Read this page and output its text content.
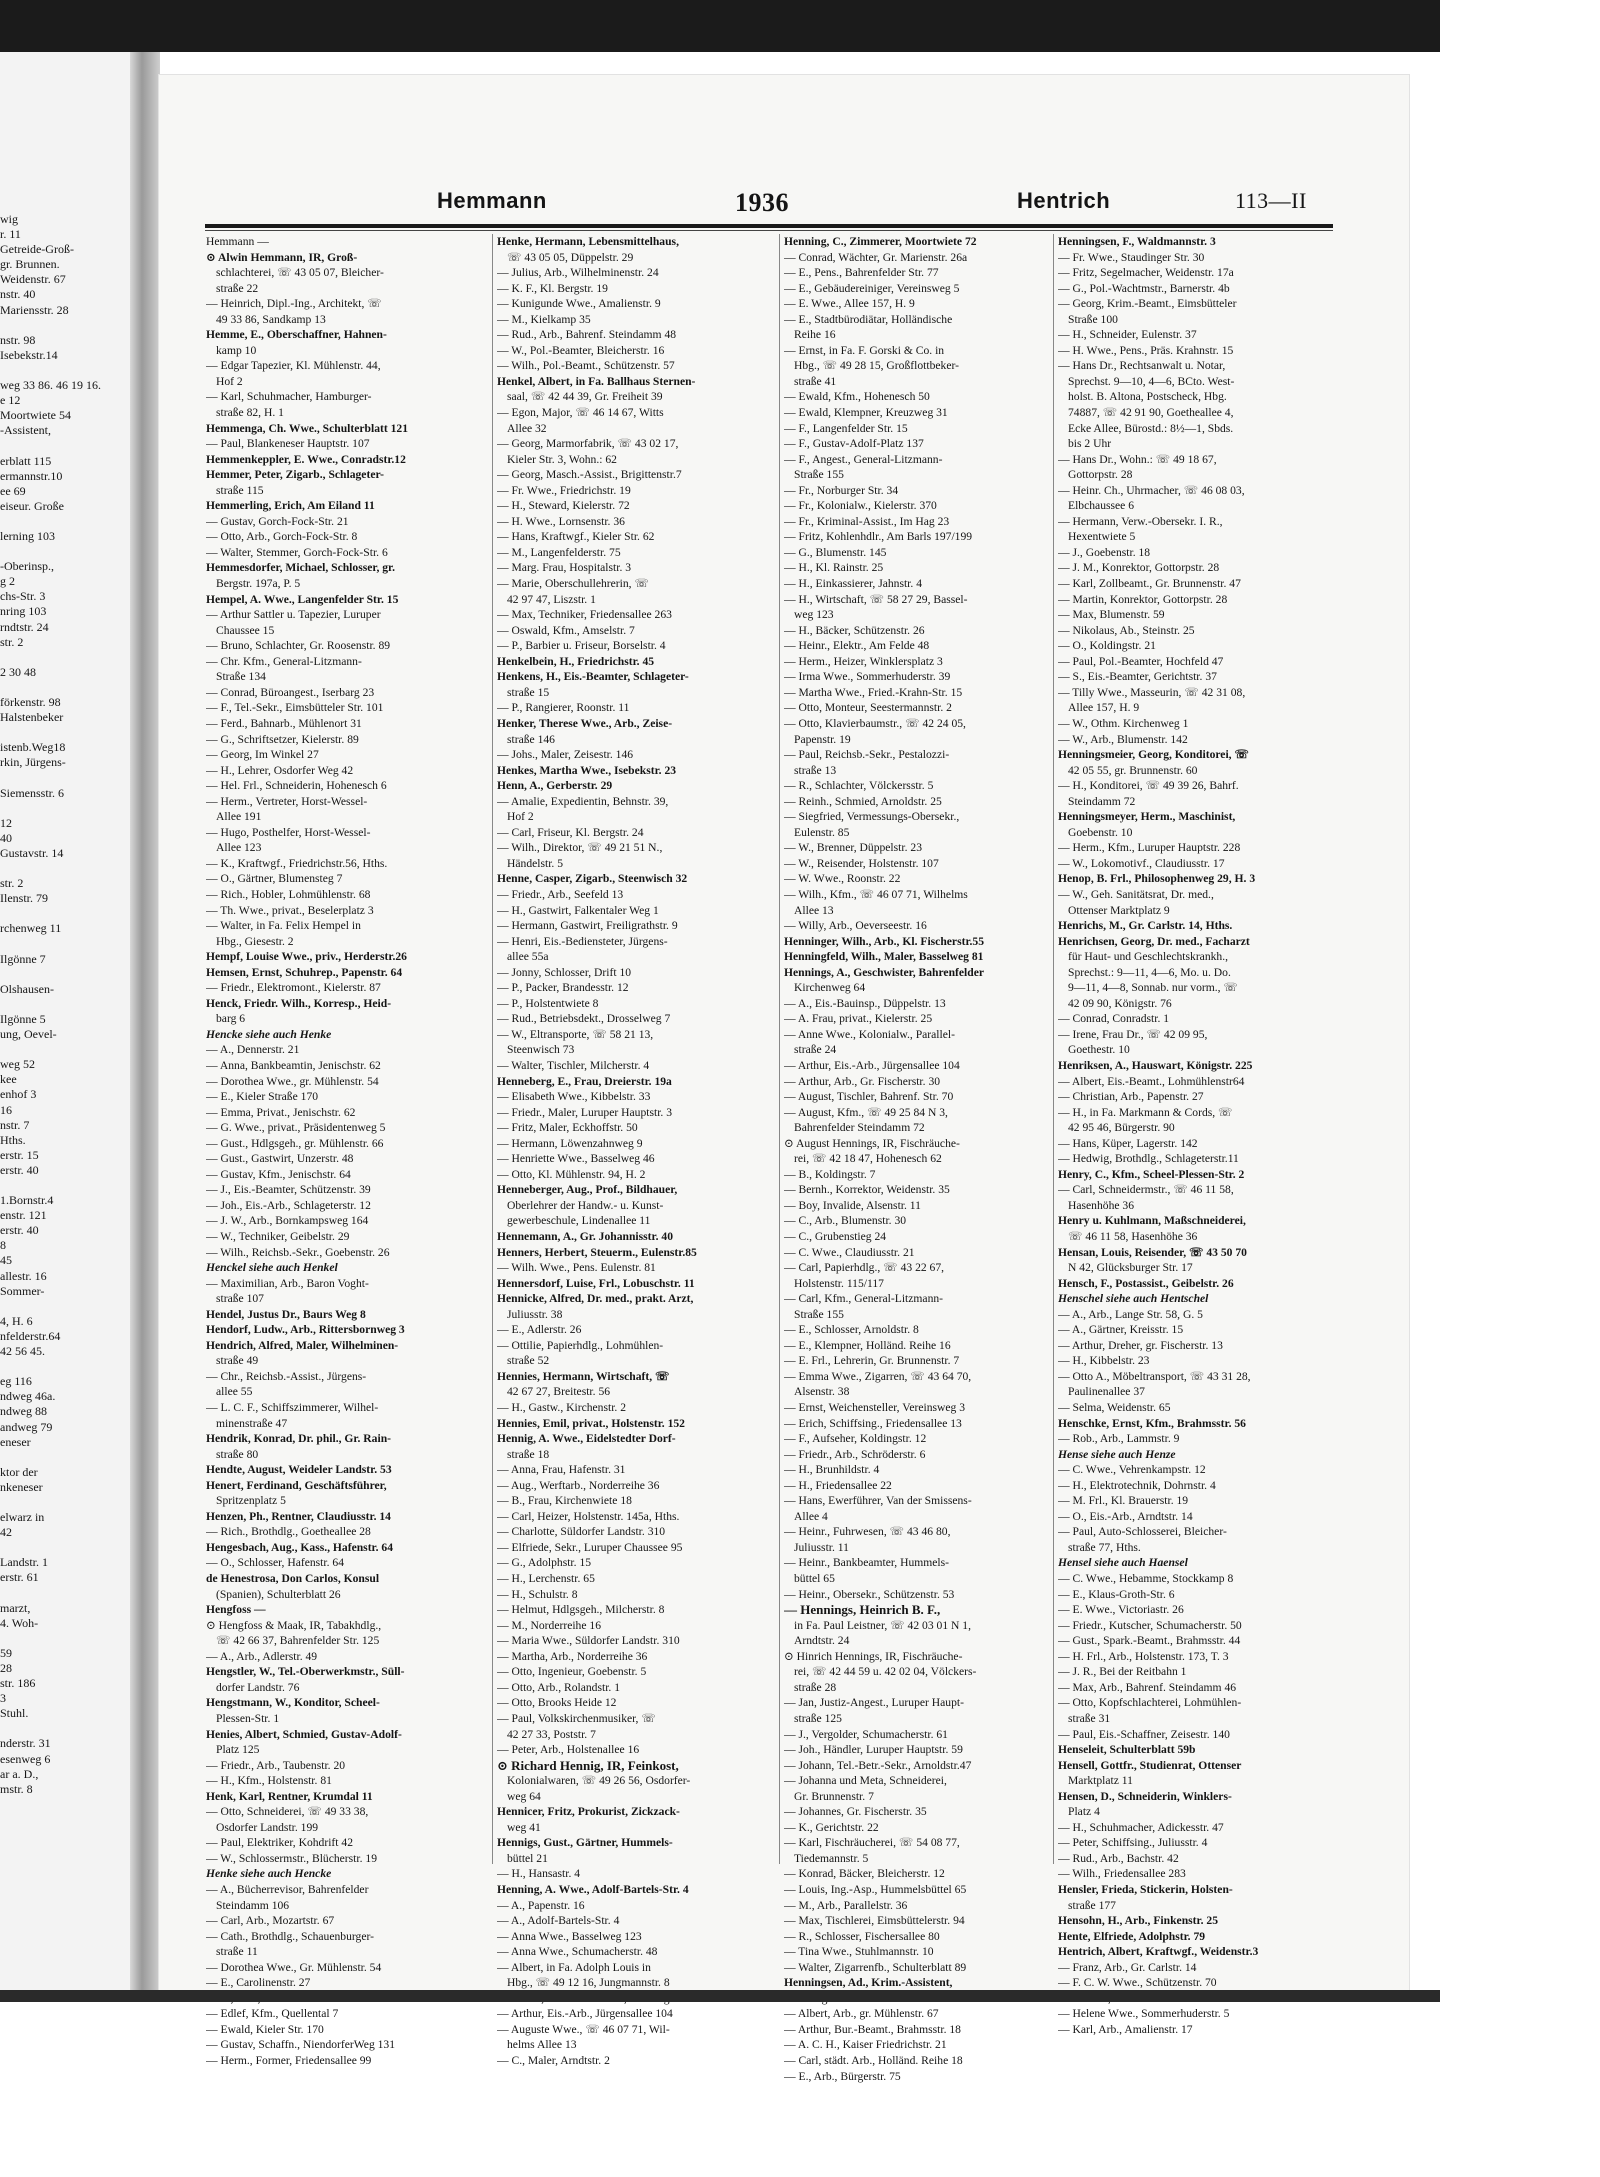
wig
r. 11
Getreide-Groß-
gr. Brunnen.
Weidenstr. 67
nstr. 40
Mariensstr. 28
nstr. 98
Isebekstr.14
weg 33 86. 46 19 16.
e 12
Moortwiete 54
-Assistent,
erblatt 115
ermannstr.10
ee 69
eiseur. Große
lerning 103
-Oberinsp.,
g 2
chs-Str. 3
nring 103
rndtstr. 24
str. 2
2 30 48
förkenstr. 98
Halstenbeker
istenb.Weg18
rkin, Jürgens-
Siemensstr. 6
12
40
Gustavstr. 14
str. 2
Ilenstr. 79
rchenweg 11
Ilgönne 7
Olshausen-
Ilgönne 5
ung, Oevel-
weg 52
kee
enhof 3
16
nstr. 7
Hths.
erstr. 15
erstr. 40
1.Bornstr.4
enstr. 121
erstr. 40
8
45
allestr. 16
Sommer-
4, H. 6
nfelderstr.64
42 56 45.
eg 116
ndweg 46a.
ndweg 88
andweg 79
eneser
ktor der
nkeneser
elwarz in
42
Landstr. 1
erstr. 61
marzt,
4. Woh-
59
28
str. 186
3
Stuhl.
nderstr. 31
esenweg 6
ar a. D.,
mstr. 8
Hemmann	1936	Hentrich	113—II
Hemmann —
⊙ Alwin Hemmann, IR, Groß-
schlachterei, ☏ 43 05 07, Bleicher-
straße 22
— Heinrich, Dipl.-Ing., Architekt, ☏
49 33 86, Sandkamp 13
Hemme, E., Oberschaffner, Hahnen-
kamp 10
— Edgar Tapezier, Kl. Mühlenstr. 44,
Hof 2
— Karl, Schuhmacher, Hamburger-
straße 82, H. 1
Hemmenga, Ch. Wwe., Schulterblatt 121
— Paul, Blankeneser Hauptstr. 107
Hemmenkeppler, E. Wwe., Conradstr.12
Hemmer, Peter, Zigarb., Schlageter-
straße 115
Hemmerling, Erich, Am Eiland 11
— Gustav, Gorch-Fock-Str. 21
— Otto, Arb., Gorch-Fock-Str. 8
— Walter, Stemmer, Gorch-Fock-Str. 6
Hemmesdorfer, Michael, Schlosser, gr.
Bergstr. 197a, P. 5
Hempel, A. Wwe., Langenfelder Str. 15
— Arthur Sattler u. Tapezier, Luruper
Chaussee 15
— Bruno, Schlachter, Gr. Roosenstr. 89
— Chr. Kfm., General-Litzmann-
Straße 134
— Conrad, Büroangest., Iserbarg 23
— F., Tel.-Sekr., Eimsbütteler Str. 101
— Ferd., Bahnarb., Mühlenort 31
— G., Schriftsetzer, Kielerstr. 89
— Georg, Im Winkel 27
— H., Lehrer, Osdorfer Weg 42
— Hel. Frl., Schneiderin, Hohenesch 6
— Herm., Vertreter, Horst-Wessel-
Allee 191
— Hugo, Posthelfer, Horst-Wessel-
Allee 123
— K., Kraftwgf., Friedrichstr.56, Hths.
— O., Gärtner, Blumensteg 7
— Rich., Hobler, Lohmühlenstr. 68
— Th. Wwe., privat., Beselerplatz 3
— Walter, in Fa. Felix Hempel in
Hbg., Giesestr. 2
Hempf, Louise Wwe., priv., Herderstr.26
Hemsen, Ernst, Schuhrep., Papenstr. 64
— Friedr., Elektromont., Kielerstr. 87
Henck, Friedr. Wilh., Korresp., Heid-
barg 6
Hencke siehe auch Henke
— A., Dennerstr. 21
— Anna, Bankbeamtin, Jenischstr. 62
— Dorothea Wwe., gr. Mühlenstr. 54
— E., Kieler Straße 170
— Emma, Privat., Jenischstr. 62
— G. Wwe., privat., Präsidentenweg 5
— Gust., Hdlgsgeh., gr. Mühlenstr. 66
— Gust., Gastwirt, Unzerstr. 48
— Gustav, Kfm., Jenischstr. 64
— J., Eis.-Beamter, Schützenstr. 39
— Joh., Eis.-Arb., Schlageterstr. 12
— J. W., Arb., Bornkampsweg 164
— W., Techniker, Geibelstr. 29
— Wilh., Reichsb.-Sekr., Goebenstr. 26
Henckel siehe auch Henkel
— Maximilian, Arb., Baron Voght-
straße 107
Hendel, Justus Dr., Baurs Weg 8
Hendorf, Ludw., Arb., Rittersbornweg 3
Hendrich, Alfred, Maler, Wilhelminen-
straße 49
— Chr., Reichsb.-Assist., Jürgens-
allee 55
— L. C. F., Schiffszimmerer, Wilhel-
minenstraße 47
Hendrik, Konrad, Dr. phil., Gr. Rain-
straße 80
Hendte, August, Weideler Landstr. 53
Henert, Ferdinand, Geschäftsführer,
Spritzenplatz 5
Henzen, Ph., Rentner, Claudiusstr. 14
— Rich., Brothdlg., Goetheallee 28
Hengesbach, Aug., Kass., Hafenstr. 64
— O., Schlosser, Hafenstr. 64
de Henestrosa, Don Carlos, Konsul
(Spanien), Schulterblatt 26
Hengfoss —
⊙ Hengfoss & Maak, IR, Tabakhdlg.,
☏ 42 66 37, Bahrenfelder Str. 125
— A., Arb., Adlerstr. 49
Hengstler, W., Tel.-Oberwerkmstr., Süll-
dorfer Landstr. 76
Hengstmann, W., Konditor, Scheel-
Plessen-Str. 1
Henies, Albert, Schmied, Gustav-Adolf-
Platz 125
— Friedr., Arb., Taubenstr. 20
— H., Kfm., Holstenstr. 81
Henk, Karl, Rentner, Krumdal 11
— Otto, Schneiderei, ☏ 49 33 38,
Osdorfer Landstr. 199
— Paul, Elektriker, Kohdrift 42
— W., Schlossermstr., Blücherstr. 19
Henke siehe auch Hencke
— A., Bücherrevisor, Bahrenfelder
Steindamm 106
— Carl, Arb., Mozartstr. 67
— Cath., Brothdlg., Schauenburger-
straße 11
— Dorothea Wwe., Gr. Mühlenstr. 54
— E., Carolinenstr. 27
— Edlef, Kfm., Quellental 7
— Ewald, Kieler Str. 170
— Gustav, Schaffn., NiendorferWeg 131
— Herm., Former, Friedensallee 99
Henke, Hermann, Lebensmittelhaus,
☏ 43 05 05, Düppelstr. 29
— Julius, Arb., Wilhelminenstr. 24
— K. F., Kl. Bergstr. 19
— Kunigunde Wwe., Amalienstr. 9
— M., Kielkamp 35
— Rud., Arb., Bahrenf. Steindamm 48
— W., Pol.-Beamter, Bleicherstr. 16
— Wilh., Pol.-Beamt., Schützenstr. 57
Henkel, Albert, in Fa. Ballhaus Sternen-
saal, ☏ 42 44 39, Gr. Freiheit 39
— Egon, Major, ☏ 46 14 67, Witts
Allee 32
— Georg, Marmorfabrik, ☏ 43 02 17,
Kieler Str. 3, Wohn.: 62
— Georg, Masch.-Assist., Brigittenstr.7
— Fr. Wwe., Friedrichstr. 19
— H., Steward, Kielerstr. 72
— H. Wwe., Lornsenstr. 36
— Hans, Kraftwgf., Kieler Str. 62
— M., Langenfelderstr. 75
— Marg. Frau, Hospitalstr. 3
— Marie, Oberschullehrerin, ☏
42 97 47, Liszstr. 1
— Max, Techniker, Friedensallee 263
— Oswald, Kfm., Amselstr. 7
— P., Barbier u. Friseur, Borselstr. 4
Henkelbein, H., Friedrichstr. 45
Henkens, H., Eis.-Beamter, Schlageter-
straße 15
— P., Rangierer, Roonstr. 11
Henker, Therese Wwe., Arb., Zeise-
straße 146
— Johs., Maler, Zeisestr. 146
Henkes, Martha Wwe., Isebekstr. 23
Henn, A., Gerberstr. 29
— Amalie, Expedientin, Behnstr. 39,
Hof 2
— Carl, Friseur, Kl. Bergstr. 24
— Wilh., Direktor, ☏ 49 21 51 N.,
Händelstr. 5
Henne, Casper, Zigarb., Steenwisch 32
— Friedr., Arb., Seefeld 13
— H., Gastwirt, Falkentaler Weg 1
— Hermann, Gastwirt, Freiligrathstr. 9
— Henri, Eis.-Bediensteter, Jürgens-
allee 55a
— Jonny, Schlosser, Drift 10
— P., Packer, Brandesstr. 12
— P., Holstentwiete 8
— Rud., Betriebsdekt., Drosselweg 7
— W., Eltransporte, ☏ 58 21 13,
Steenwisch 73
— Walter, Tischler, Milcherstr. 4
Henneberg, E., Frau, Dreierstr. 19a
— Elisabeth Wwe., Kibbelstr. 33
— Friedr., Maler, Luruper Hauptstr. 3
— Fritz, Maler, Eckhoffstr. 50
— Hermann, Löwenzahnweg 9
— Henriette Wwe., Basselweg 46
— Otto, Kl. Mühlenstr. 94, H. 2
Henneberger, Aug., Prof., Bildhauer,
Oberlehrer der Handw.- u. Kunst-
gewerbeschule, Lindenallee 11
Hennemann, A., Gr. Johannisstr. 40
Henners, Herbert, Steuerm., Eulenstr.85
— Wilh. Wwe., Pens. Eulenstr. 81
Hennersdorf, Luise, Frl., Lobuschstr. 11
Hennicke, Alfred, Dr. med., prakt. Arzt,
Juliusstr. 38
— E., Adlerstr. 26
— Ottilie, Papierhdlg., Lohmühlen-
straße 52
Hennies, Hermann, Wirtschaft, ☏
42 67 27, Breitestr. 56
— H., Gastw., Kirchenstr. 2
Hennies, Emil, privat., Holstenstr. 152
Hennig, A. Wwe., Eidelstedter Dorf-
straße 18
— Anna, Frau, Hafenstr. 31
— Aug., Werftarb., Norderreihe 36
— B., Frau, Kirchenwiete 18
— Carl, Heizer, Holstenstr. 145a, Hths.
— Charlotte, Süldorfer Landstr. 310
— Elfriede, Sekr., Luruper Chaussee 95
— G., Adolphstr. 15
— H., Lerchenstr. 65
— H., Schulstr. 8
— Helmut, Hdlgsgeh., Milcherstr. 8
— M., Norderreihe 16
— Maria Wwe., Süldorfer Landstr. 310
— Martha, Arb., Norderreihe 36
— Otto, Ingenieur, Goebenstr. 5
— Otto, Arb., Rolandstr. 1
— Otto, Brooks Heide 12
— Paul, Volkskirchenmusiker, ☏
42 27 33, Poststr. 7
— Peter, Arb., Holstenallee 16
⊙ Richard Hennig, IR, Feinkost,
Kolonialwaren, ☏ 49 26 56, Osdorfer-
weg 64
Hennicer, Fritz, Prokurist, Zickzack-
weg 41
Hennigs, Gust., Gärtner, Hummels-
büttel 21
— H., Hansastr. 4
Henning, A. Wwe., Adolf-Bartels-Str. 4
— A., Papenstr. 16
— A., Adolf-Bartels-Str. 4
— Anna Wwe., Basselweg 123
— Anna Wwe., Schumacherstr. 48
— Albert, in Fa. Adolph Louis in
Hbg., ☏ 49 12 16, Jungmannstr. 8
— Arthur, Eis.-Arb., Jürgensallee 104
— Auguste Wwe., ☏ 46 07 71, Wil-
helms Allee 13
— C., Maler, Arndtstr. 2
Henning, C., Zimmerer, Moortwiete 72
— Conrad, Wächter, Gr. Marienstr. 26a
— E., Pens., Bahrenfelder Str. 77
— E., Gebäudereiniger, Vereinsweg 5
— E. Wwe., Allee 157, H. 9
— E., Stadtbürodiätar, Holländische
Reihe 16
— Ernst, in Fa. F. Gorski & Co. in
Hbg., ☏ 49 28 15, Großflottbeker-
straße 41
— Ewald, Kfm., Hohenesch 50
— Ewald, Klempner, Kreuzweg 31
— F., Langenfelder Str. 15
— F., Gustav-Adolf-Platz 137
— F., Angest., General-Litzmann-
Straße 155
— Fr., Norburger Str. 34
— Fr., Kolonialw., Kielerstr. 370
— Fr., Kriminal-Assist., Im Hag 23
— Fritz, Kohlenhdlr., Am Barls 197/199
— G., Blumenstr. 145
— H., Kl. Rainstr. 25
— H., Einkassierer, Jahnstr. 4
— H., Wirtschaft, ☏ 58 27 29, Bassel-
weg 123
— H., Bäcker, Schützenstr. 26
— Heinr., Elektr., Am Felde 48
— Herm., Heizer, Winklersplatz 3
— Irma Wwe., Sommerhuderstr. 39
— Martha Wwe., Fried.-Krahn-Str. 15
— Otto, Monteur, Seestermannstr. 2
— Otto, Klavierbaumstr., ☏ 42 24 05,
Papenstr. 19
— Paul, Reichsb.-Sekr., Pestalozzi-
straße 13
— R., Schlachter, Völckersstr. 5
— Reinh., Schmied, Arnoldstr. 25
— Siegfried, Vermessungs-Obersekr.,
Eulenstr. 85
— W., Brenner, Düppelstr. 23
— W., Reisender, Holstenstr. 107
— W. Wwe., Roonstr. 22
— Wilh., Kfm., ☏ 46 07 71, Wilhelms
Allee 13
— Willy, Arb., Oeverseestr. 16
Henninger, Wilh., Arb., Kl. Fischerstr.55
Henningfeld, Wilh., Maler, Basselweg 81
Hennings, A., Geschwister, Bahrenfelder
Kirchenweg 64
— A., Eis.-Bauinsp., Düppelstr. 13
— A. Frau, privat., Kielerstr. 25
— Anne Wwe., Kolonialw., Parallel-
straße 24
— Arthur, Eis.-Arb., Jürgensallee 104
— Arthur, Arb., Gr. Fischerstr. 30
— August, Tischler, Bahrenf. Str. 70
— August, Kfm., ☏ 49 25 84 N 3,
Bahrenfelder Steindamm 72
⊙ August Hennings, IR, Fischräuche-
rei, ☏ 42 18 47, Hohenesch 62
— B., Koldingstr. 7
— Bernh., Korrektor, Weidenstr. 35
— Boy, Invalide, Alsenstr. 11
— C., Arb., Blumenstr. 30
— C., Grubenstieg 24
— C. Wwe., Claudiusstr. 21
— Carl, Papierhdlg., ☏ 43 22 67,
Holstenstr. 115/117
— Carl, Kfm., General-Litzmann-
Straße 155
— E., Schlosser, Arnoldstr. 8
— E., Klempner, Holländ. Reihe 16
— E. Frl., Lehrerin, Gr. Brunnenstr. 7
— Emma Wwe., Zigarren, ☏ 43 64 70,
Alsenstr. 38
— Ernst, Weichensteller, Vereinsweg 3
— Erich, Schiffsing., Friedensallee 13
— F., Aufseher, Koldingstr. 12
— Friedr., Arb., Schröderstr. 6
— H., Brunhildstr. 4
— H., Friedensallee 22
— Hans, Ewerführer, Van der Smissens-
Allee 4
— Heinr., Fuhrwesen, ☏ 43 46 80,
Juliusstr. 11
— Heinr., Bankbeamter, Hummels-
büttel 65
— Heinr., Obersekr., Schützenstr. 53
— Hennings, Heinrich B. F.,
in Fa. Paul Leistner, ☏ 42 03 01 N 1,
Arndtstr. 24
⊙ Hinrich Hennings, IR, Fischräuche-
rei, ☏ 42 44 59 u. 42 02 04, Völckers-
straße 28
— Jan, Justiz-Angest., Luruper Haupt-
straße 125
— J., Vergolder, Schumacherstr. 61
— Joh., Händler, Luruper Hauptstr. 59
— Johann, Tel.-Betr.-Sekr., Arnoldstr.47
— Johanna und Meta, Schneiderei,
Gr. Brunnenstr. 7
— Johannes, Gr. Fischerstr. 35
— K., Gerichtstr. 22
— Karl, Fischräucherei, ☏ 54 08 77,
Tiedemannstr. 5
— Konrad, Bäcker, Bleicherstr. 12
— Louis, Ing.-Asp., Hummelsbüttel 65
— M., Arb., Parallelstr. 36
— Max, Tischlerei, Eimsbüttelerstr. 94
— R., Schlosser, Fischersallee 80
— Tina Wwe., Stuhlmannstr. 10
— Walter, Zigarrenfb., Schulterblatt 89
Henningsen, Ad., Krim.-Assistent,
— Albert, Arb., gr. Mühlenstr. 67
— Arthur, Bur.-Beamt., Brahmsstr. 18
— A. C. H., Kaiser Friedrichstr. 21
— Carl, städt. Arb., Holländ. Reihe 18
— E., Arb., Bürgerstr. 75
Henningsen, F., Waldmannstr. 3
— Fr. Wwe., Staudinger Str. 30
— Fritz, Segelmacher, Weidenstr. 17a
— G., Pol.-Wachtmstr., Barnerstr. 4b
— Georg, Krim.-Beamt., Eimsbütteler
Straße 100
— H., Schneider, Eulenstr. 37
— H. Wwe., Pens., Präs. Krahnstr. 15
— Hans Dr., Rechtsanwalt u. Notar,
Sprechst. 9—10, 4—6, BCto. West-
holst. B. Altona, Postscheck, Hbg.
74887, ☏ 42 91 90, Goetheallee 4,
Ecke Allee, Bürostd.: 8½—1, Sbds.
bis 2 Uhr
— Hans Dr., Wohn.: ☏ 49 18 67,
Gottorpstr. 28
— Heinr. Ch., Uhrmacher, ☏ 46 08 03,
Elbchaussee 6
— Hermann, Verw.-Obersekr. I. R.,
Hexentwiete 5
— J., Goebenstr. 18
— J. M., Konrektor, Gottorpstr. 28
— Karl, Zollbeamt., Gr. Brunnenstr. 47
— Martin, Konrektor, Gottorpstr. 28
— Max, Blumenstr. 59
— Nikolaus, Ab., Steinstr. 25
— O., Koldingstr. 21
— Paul, Pol.-Beamter, Hochfeld 47
— S., Eis.-Beamter, Gerichtstr. 37
— Tilly Wwe., Masseurin, ☏ 42 31 08,
Allee 157, H. 9
— W., Othm. Kirchenweg 1
— W., Arb., Blumenstr. 142
Henningsmeier, Georg, Konditorei, ☏
42 05 55, gr. Brunnenstr. 60
— H., Konditorei, ☏ 49 39 26, Bahrf.
Steindamm 72
Henningsmeyer, Herm., Maschinist,
Goebenstr. 10
— Herm., Kfm., Luruper Hauptstr. 228
— W., Lokomotivf., Claudiusstr. 17
Henop, B. Frl., Philosophenweg 29, H. 3
— W., Geh. Sanitätsrat, Dr. med.,
Ottenser Marktplatz 9
Henrichs, M., Gr. Carlstr. 14, Hths.
Henrichsen, Georg, Dr. med., Facharzt
für Haut- und Geschlechtskrankh.,
Sprechst.: 9—11, 4—6, Mo. u. Do.
9—11, 4—8, Sonnab. nur vorm., ☏
42 09 90, Königstr. 76
— Conrad, Conradstr. 1
— Irene, Frau Dr., ☏ 42 09 95,
Goethestr. 10
Henriksen, A., Hauswart, Königstr. 225
— Albert, Eis.-Beamt., Lohmühlenstr64
— Christian, Arb., Papenstr. 27
— H., in Fa. Markmann & Cords, ☏
42 95 46, Bürgerstr. 90
— Hans, Küper, Lagerstr. 142
— Hedwig, Brothdlg., Schlageterstr.11
Henry, C., Kfm., Scheel-Plessen-Str. 2
— Carl, Schneidermstr., ☏ 46 11 58,
Hasenhöhe 36
Henry u. Kuhlmann, Maßschneiderei,
☏ 46 11 58, Hasenhöhe 36
Hensan, Louis, Reisender, ☏ 43 50 70
N 42, Glücksburger Str. 17
Hensch, F., Postassist., Geibelstr. 26
Henschel siehe auch Hentschel
— A., Arb., Lange Str. 58, G. 5
— A., Gärtner, Kreisstr. 15
— Arthur, Dreher, gr. Fischerstr. 13
— H., Kibbelstr. 23
— Otto A., Möbeltransport, ☏ 43 31 28,
Paulinenallee 37
— Selma, Weidenstr. 65
Henschke, Ernst, Kfm., Brahmsstr. 56
— Rob., Arb., Lammstr. 9
Hense siehe auch Henze
— C. Wwe., Vehrenkampstr. 12
— H., Elektrotechnik, Dohrnstr. 4
— M. Frl., Kl. Brauerstr. 19
— O., Eis.-Arb., Arndtstr. 14
— Paul, Auto-Schlosserei, Bleicher-
straße 77, Hths.
Hensel siehe auch Haensel
— C. Wwe., Hebamme, Stockkamp 8
— E., Klaus-Groth-Str. 6
— E. Wwe., Victoriastr. 26
— Friedr., Kutscher, Schumacherstr. 50
— Gust., Spark.-Beamt., Brahmsstr. 44
— H. Frl., Arb., Holstenstr. 173, T. 3
— J. R., Bei der Reitbahn 1
— Max, Arb., Bahrenf. Steindamm 46
— Otto, Kopfschlachterei, Lohmühlen-
straße 31
— Paul, Eis.-Schaffner, Zeisestr. 140
Henseleit, Schulterblatt 59b
Hensell, Gottfr., Studienrat, Ottenser
Marktplatz 11
Hensen, D., Schneiderin, Winklers-
Platz 4
— H., Schuhmacher, Adickesstr. 47
— Peter, Schiffsing., Juliusstr. 4
— Rud., Arb., Bachstr. 42
— Wilh., Friedensallee 283
Hensler, Frieda, Stickerin, Holsten-
straße 177
Hensohn, H., Arb., Finkenstr. 25
Hente, Elfriede, Adolphstr. 79
Hentrich, Albert, Kraftwgf., Weidenstr.3
— Franz, Arb., Gr. Carlstr. 14
— F. C. W. Wwe., Schützenstr. 70
— Helene Wwe., Sommerhuderstr. 5
— Karl, Arb., Amalienstr. 17
